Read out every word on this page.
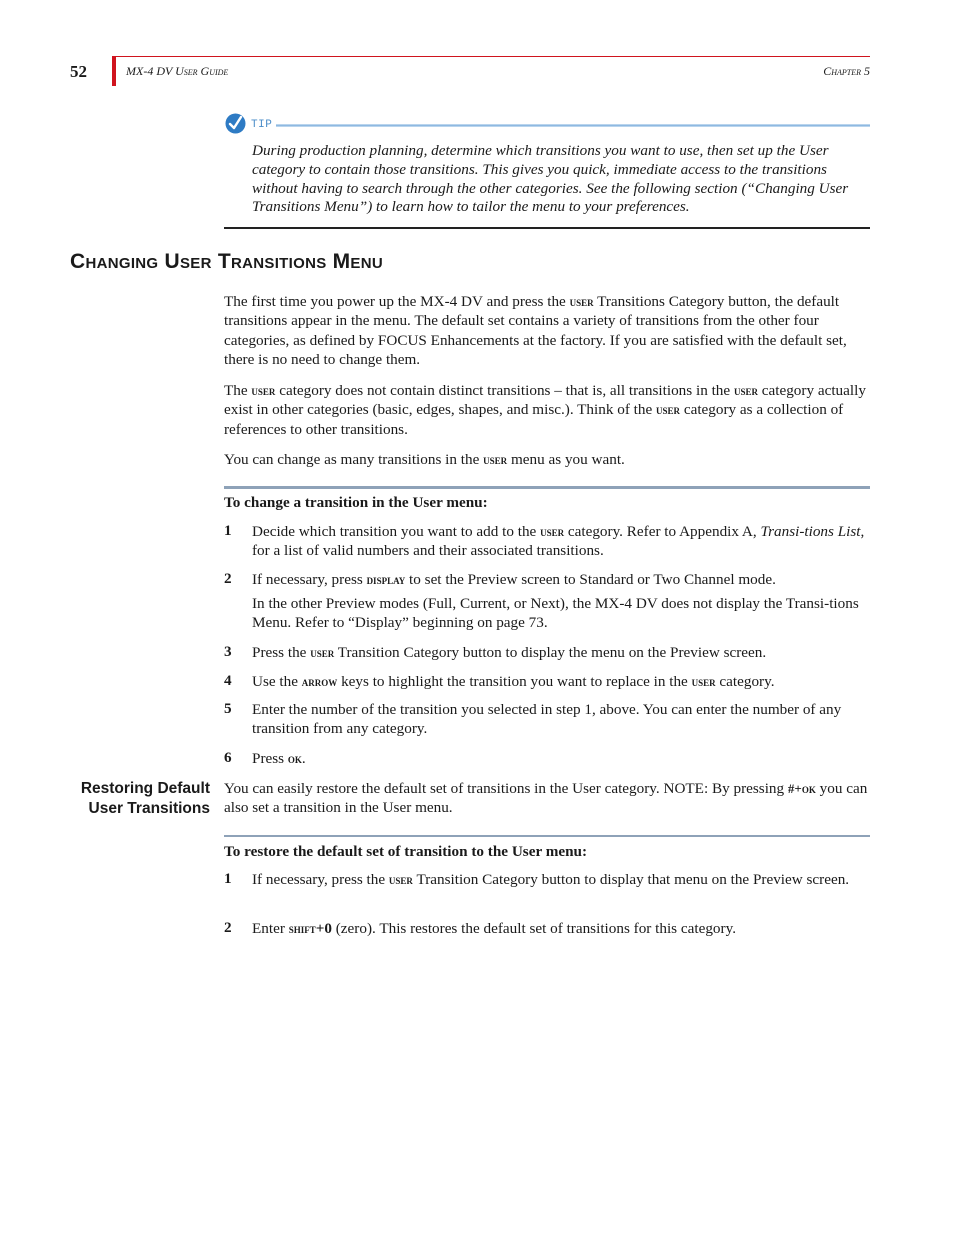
52	MX-4 DV User Guide	Chapter 5
TIP
During production planning, determine which transitions you want to use, then set up the User category to contain those transitions. This gives you quick, immediate access to the transitions without having to search through the other categories. See the following section (“Changing User Transitions Menu”) to learn how to tailor the menu to your preferences.
Changing User Transitions Menu
The first time you power up the MX-4 DV and press the user Transitions Category button, the default transitions appear in the menu. The default set contains a variety of transitions from the other four categories, as defined by FOCUS Enhancements at the factory. If you are satisfied with the default set, there is no need to change them.
The user category does not contain distinct transitions – that is, all transitions in the user category actually exist in other categories (basic, edges, shapes, and misc.). Think of the user category as a collection of references to other transitions.
You can change as many transitions in the user menu as you want.
To change a transition in the User menu:
1 Decide which transition you want to add to the user category. Refer to Appendix A, Transi-tions List, for a list of valid numbers and their associated transitions.
2 If necessary, press display to set the Preview screen to Standard or Two Channel mode.
In the other Preview modes (Full, Current, or Next), the MX-4 DV does not display the Transi-tions Menu. Refer to “Display” beginning on page 73.
3 Press the user Transition Category button to display the menu on the Preview screen.
4 Use the arrow keys to highlight the transition you want to replace in the user category.
5 Enter the number of the transition you selected in step 1, above. You can enter the number of any transition from any category.
6 Press ok.
Restoring Default
User Transitions
You can easily restore the default set of transitions in the User category. NOTE: By pressing #+ok you can also set a transition in the User menu.
To restore the default set of transition to the User menu:
1 If necessary, press the user Transition Category button to display that menu on the Preview screen.
2 Enter shift+0 (zero). This restores the default set of transitions for this category.
